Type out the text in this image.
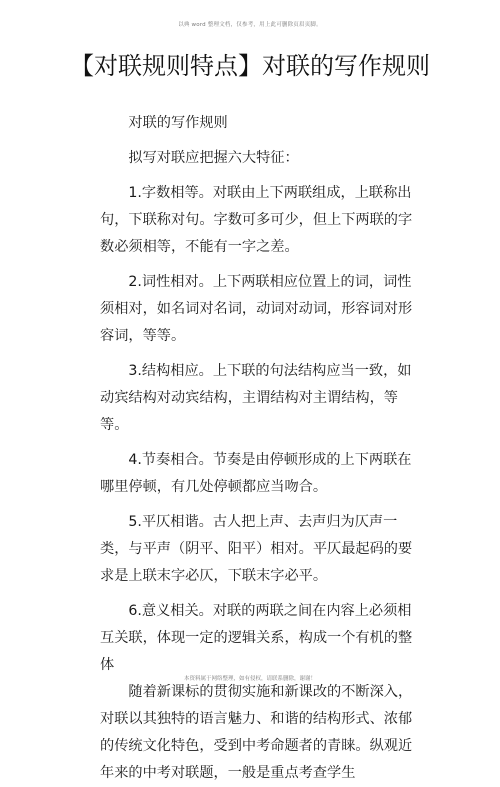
以典 word 整理文档，仅参考，用上此可删除页眉页脚。
【对联规则特点】对联的写作规则

对联的写作规则

拟写对联应把握六大特征：

1.字数相等。对联由上下两联组成，上联称出句，下联称对句。字数可多可少，但上下两联的字数必须相等，不能有一字之差。

2.词性相对。上下两联相应位置上的词，词性须相对，如名词对名词，动词对动词，形容词对形容词，等等。

3.结构相应。上下联的句法结构应当一致，如动宾结构对动宾结构，主谓结构对主谓结构，等等。

4.节奏相合。节奏是由停顿形成的上下两联在哪里停顿，有几处停顿都应当吻合。

5.平仄相谐。古人把上声、去声归为仄声一类，与平声（阴平、阳平）相对。平仄最起码的要求是上联末字必仄，下联末字必平。

6.意义相关。对联的两联之间在内容上必须相互关联，体现一定的逻辑关系，构成一个有机的整体

随着新课标的贯彻实施和新课改的不断深入，对联以其独特的语言魅力、和谐的结构形式、浓郁的传统文化特色，受到中考命题者的青睐。纵观近年来的中考对联题，一般是重点考查学生

本资料属于网络整理，如有侵权，请联系删除，谢谢！
